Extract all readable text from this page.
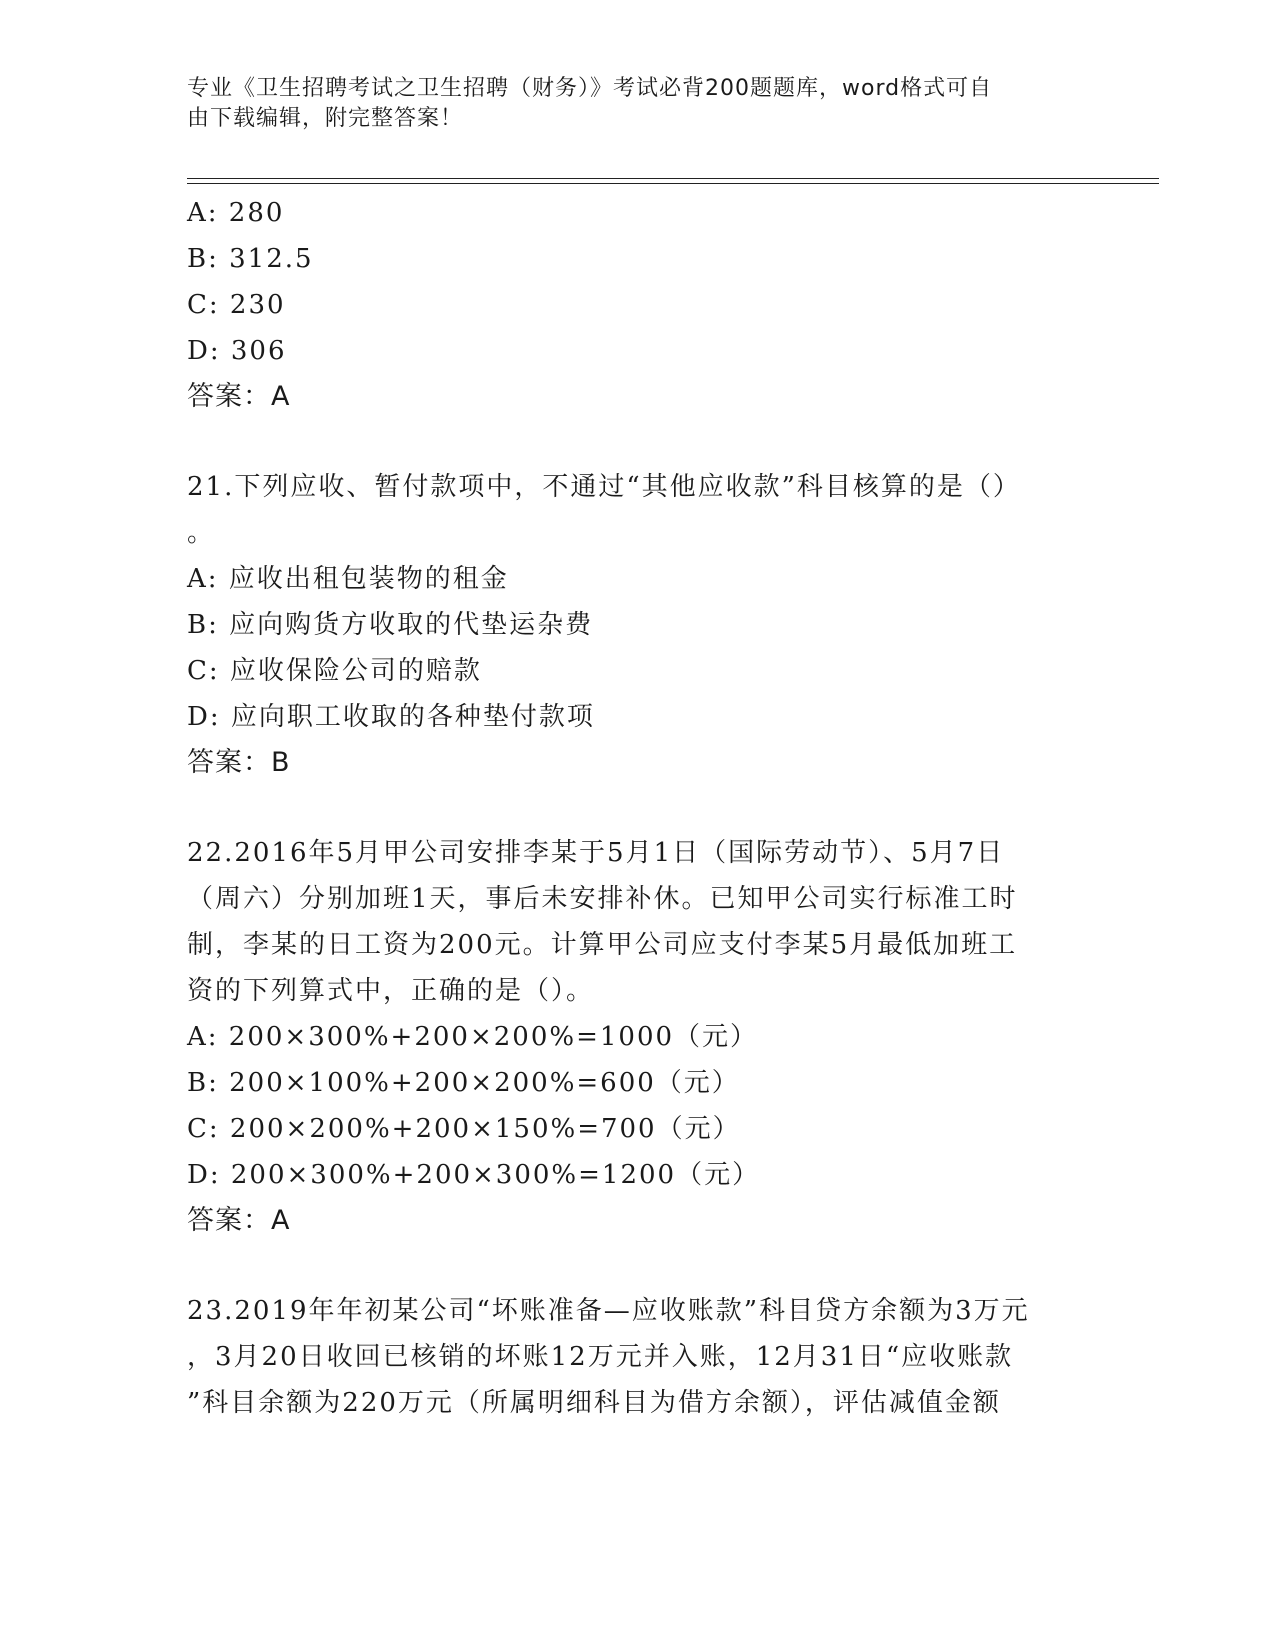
专业《卫生招聘考试之卫生招聘（财务）》考试必背200题题库，word格式可自
由下载编辑，附完整答案！
A: 280
B: 312.5
C: 230
D: 306
答案：A
21.下列应收、暂付款项中，不通过“其他应收款”科目核算的是（）
。
A: 应收出租包装物的租金
B: 应向购货方收取的代垫运杂费
C: 应收保险公司的赔款
D: 应向职工收取的各种垫付款项
答案：B
22.2016年5月甲公司安排李某于5月1日（国际劳动节）、5月7日
（周六）分别加班1天，事后未安排补休。已知甲公司实行标准工时
制，李某的日工资为200元。计算甲公司应支付李某5月最低加班工
资的下列算式中，正确的是（）。
A: 200×300%+200×200%=1000（元）
B: 200×100%+200×200%=600（元）
C: 200×200%+200×150%=700（元）
D: 200×300%+200×300%=1200（元）
答案：A
23.2019年年初某公司“坏账准备—应收账款”科目贷方余额为3万元
，3月20日收回已核销的坏账12万元并入账，12月31日“应收账款
”科目余额为220万元（所属明细科目为借方余额），评估减值金额
